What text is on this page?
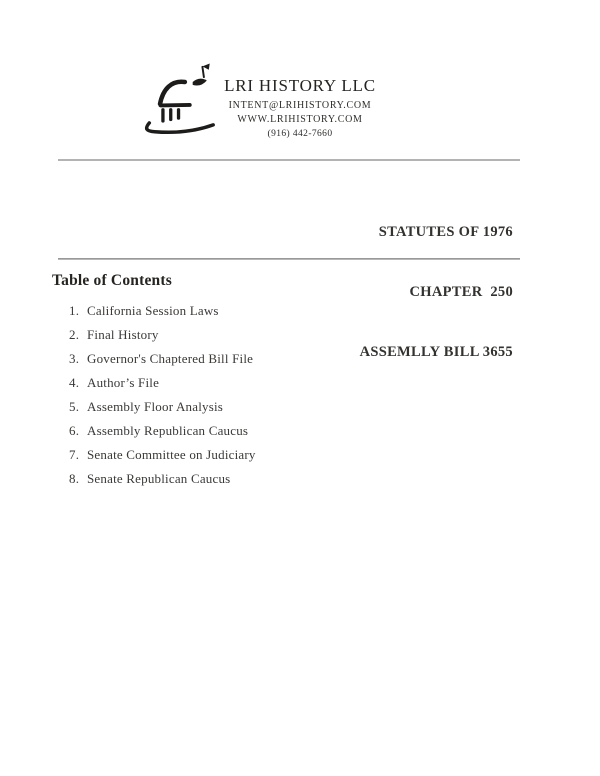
LRI HISTORY LLC
INTENT@LRIHISTORY.COM
WWW.LRIHISTORY.COM
(916) 442-7660

STATUTES OF 1976

CHAPTER  250

ASSEMLLY BILL 3655

Table of Contents
1. California Session Laws
2. Final History
3. Governor's Chaptered Bill File
4. Author’s File
5. Assembly Floor Analysis
6. Assembly Republican Caucus
7. Senate Committee on Judiciary
8. Senate Republican Caucus
